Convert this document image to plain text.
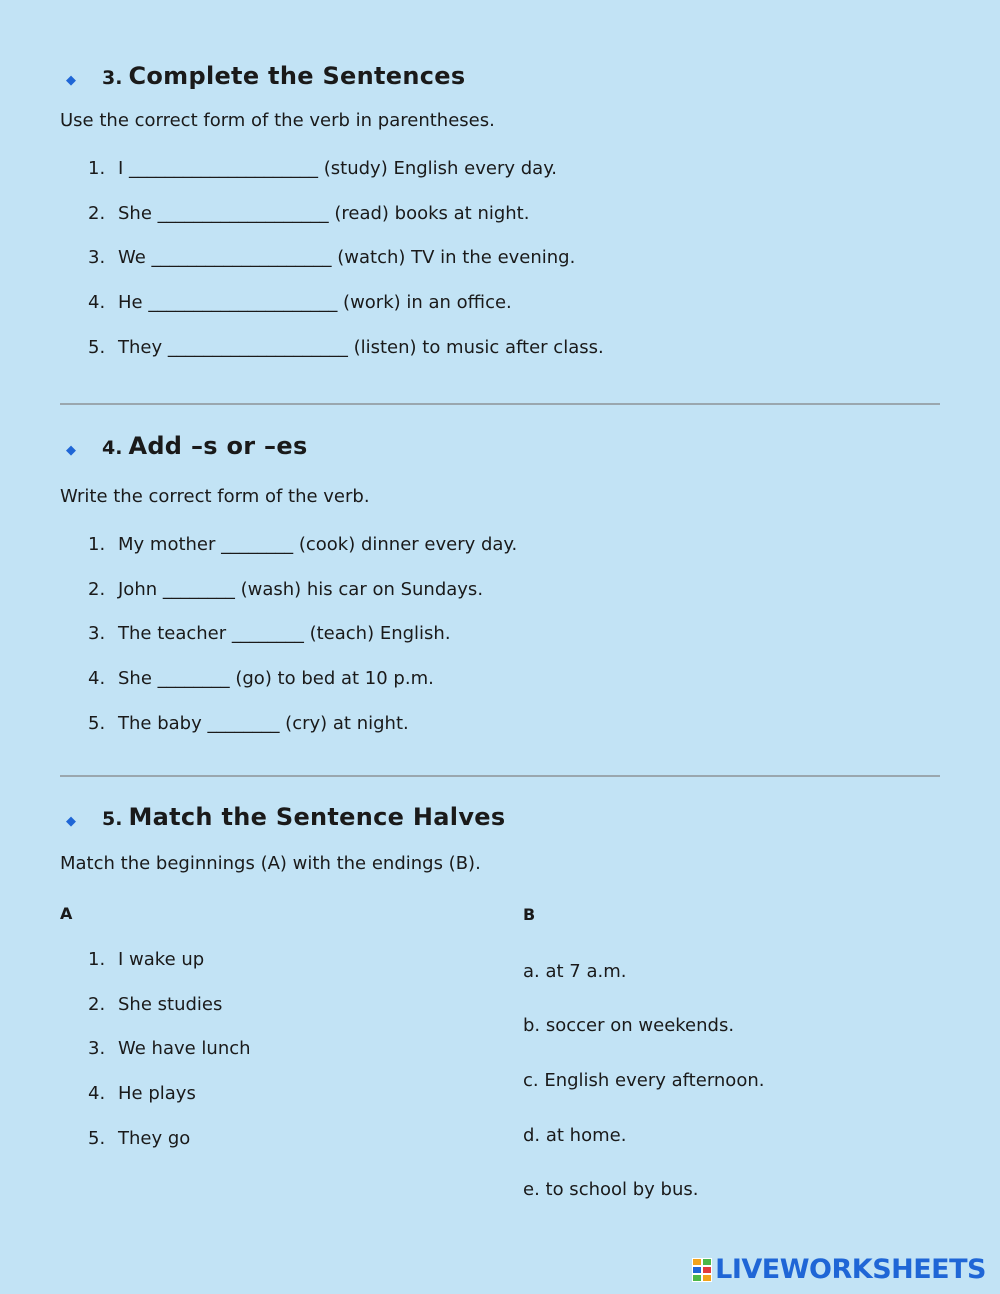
◆	3. Complete the Sentences
Use the correct form of the verb in parentheses.
1. I _____________________ (study) English every day.
2. She ___________________ (read) books at night.
3. We ____________________ (watch) TV in the evening.
4. He _____________________ (work) in an office.
5. They ____________________ (listen) to music after class.
◆	4. Add –s or –es
Write the correct form of the verb.
1. My mother ________ (cook) dinner every day.
2. John ________ (wash) his car on Sundays.
3. The teacher ________ (teach) English.
4. She ________ (go) to bed at 10 p.m.
5. The baby ________ (cry) at night.
◆	5. Match the Sentence Halves
Match the beginnings (A) with the endings (B).
A	B
1. I wake up
2. She studies
3. We have lunch
4. He plays
5. They go
a. at 7 a.m.
b. soccer on weekends.
c. English every afternoon.
d. at home.
e. to school by bus.
LIVEWORKSHEETS
